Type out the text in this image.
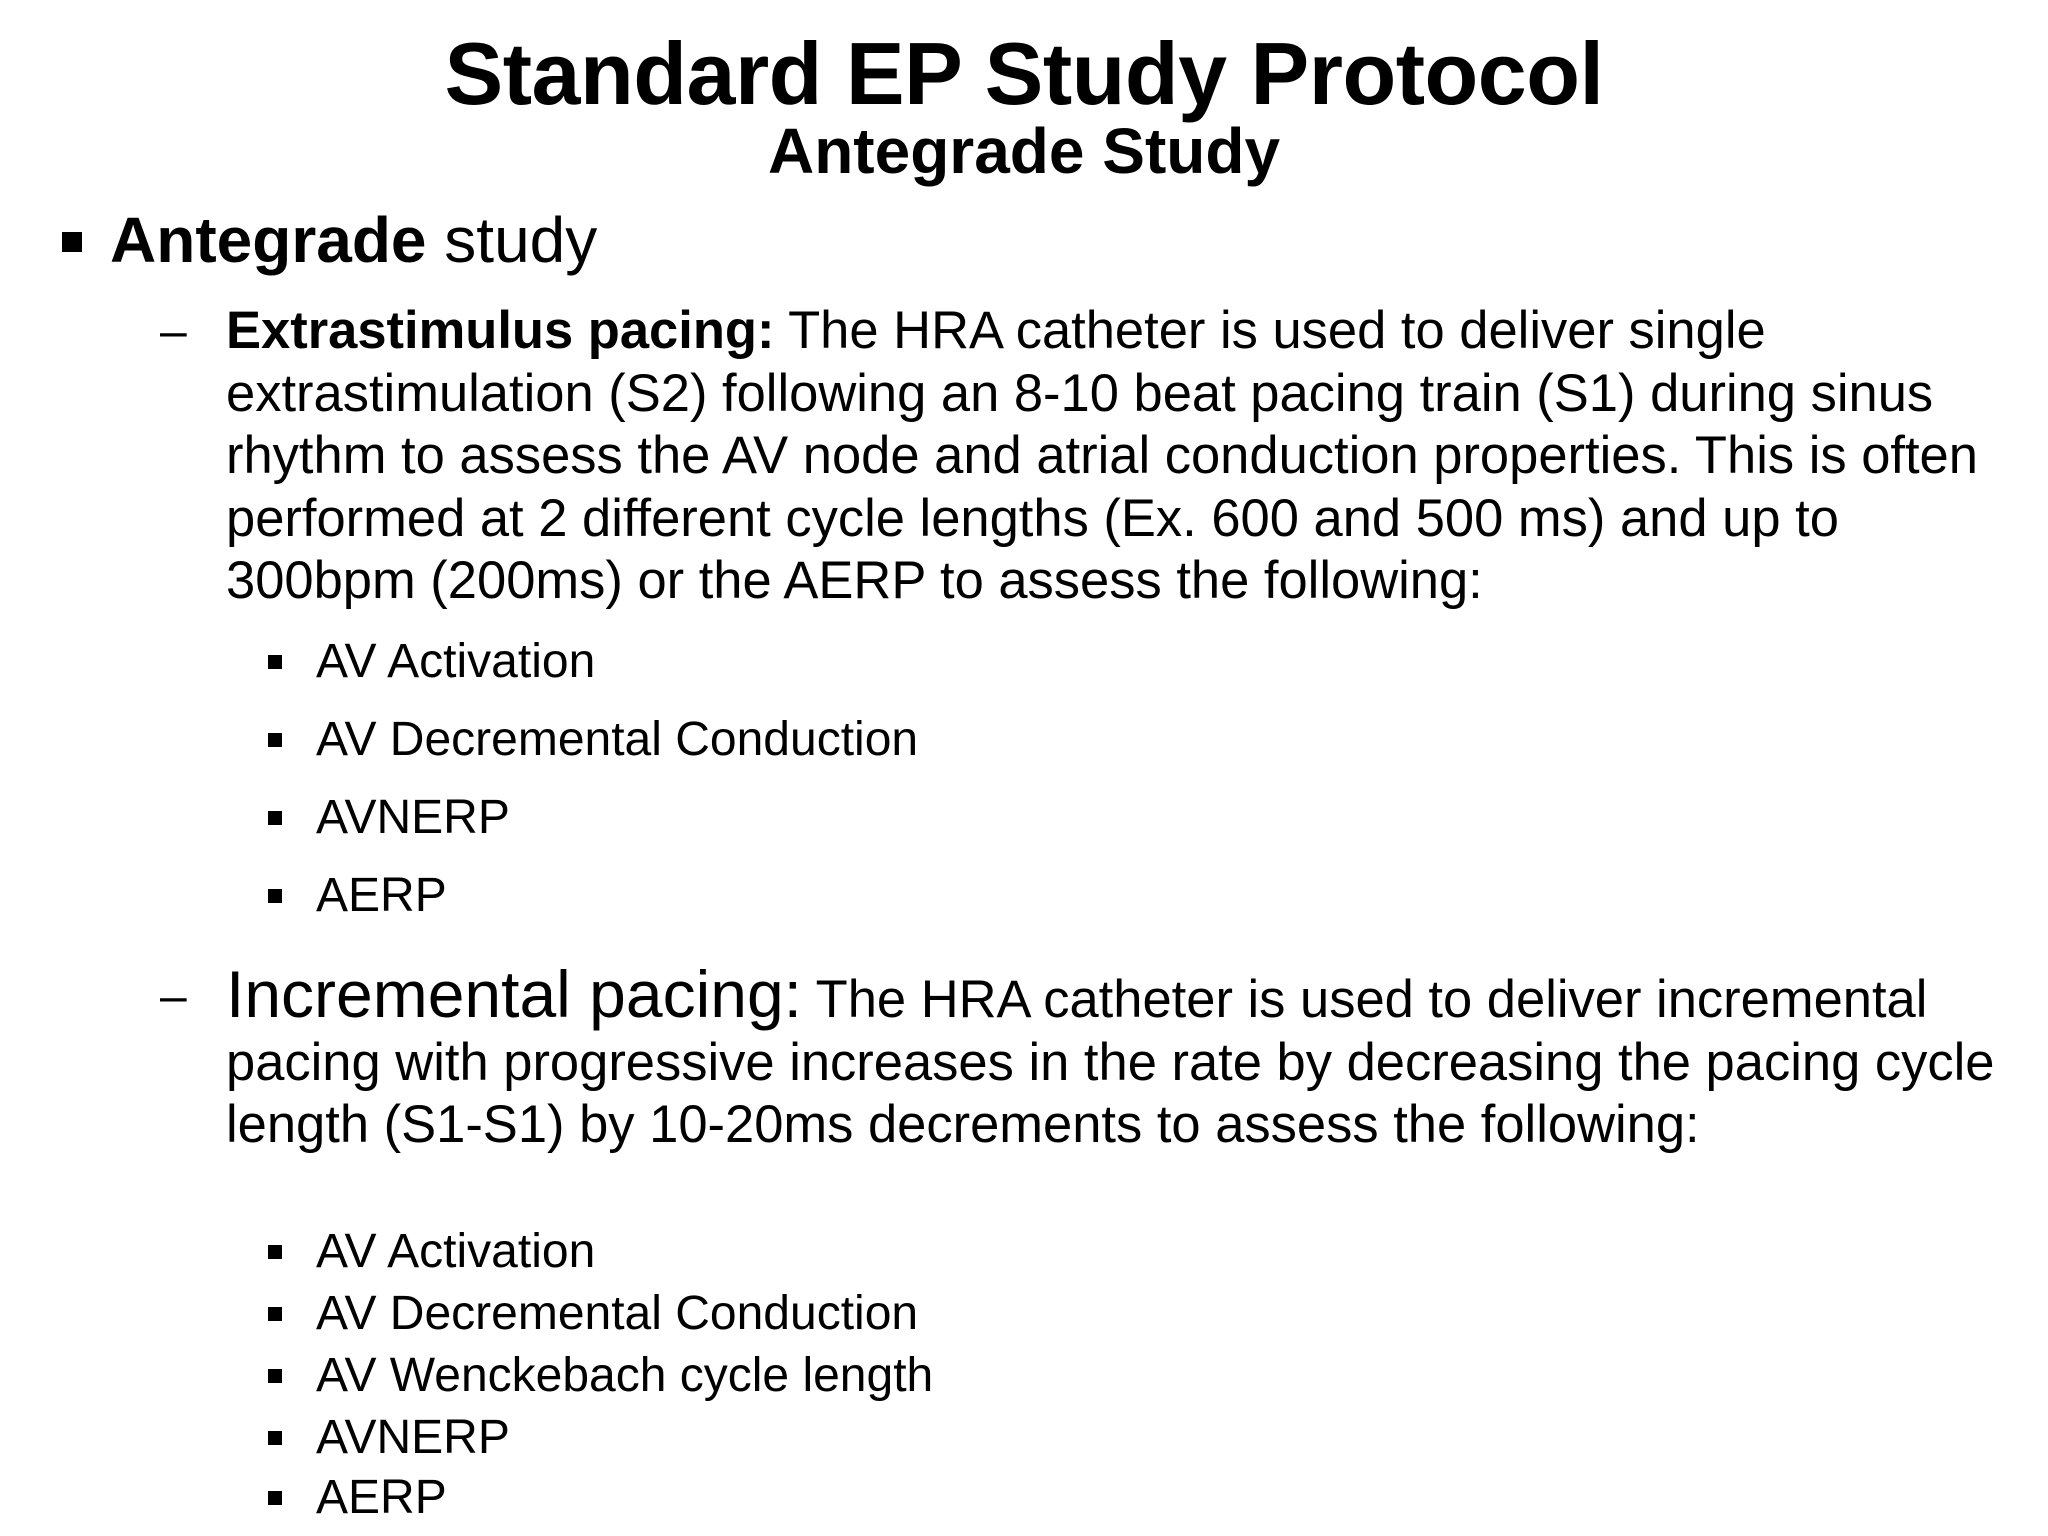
Standard EP Study Protocol
Antegrade Study
Antegrade study
– Extrastimulus pacing: The HRA catheter is used to deliver single extrastimulation (S2) following an 8-10 beat pacing train (S1) during sinus rhythm to assess the AV node and atrial conduction properties. This is often performed at 2 different cycle lengths (Ex. 600 and 500 ms) and up to 300bpm (200ms) or the AERP to assess the following:
AV Activation
AV Decremental Conduction
AVNERP
AERP
– Incremental pacing: The HRA catheter is used to deliver incremental pacing with progressive increases in the rate by decreasing the pacing cycle length (S1-S1) by 10-20ms decrements to assess the following:
AV Activation
AV Decremental Conduction
AV Wenckebach cycle length
AVNERP
AERP
